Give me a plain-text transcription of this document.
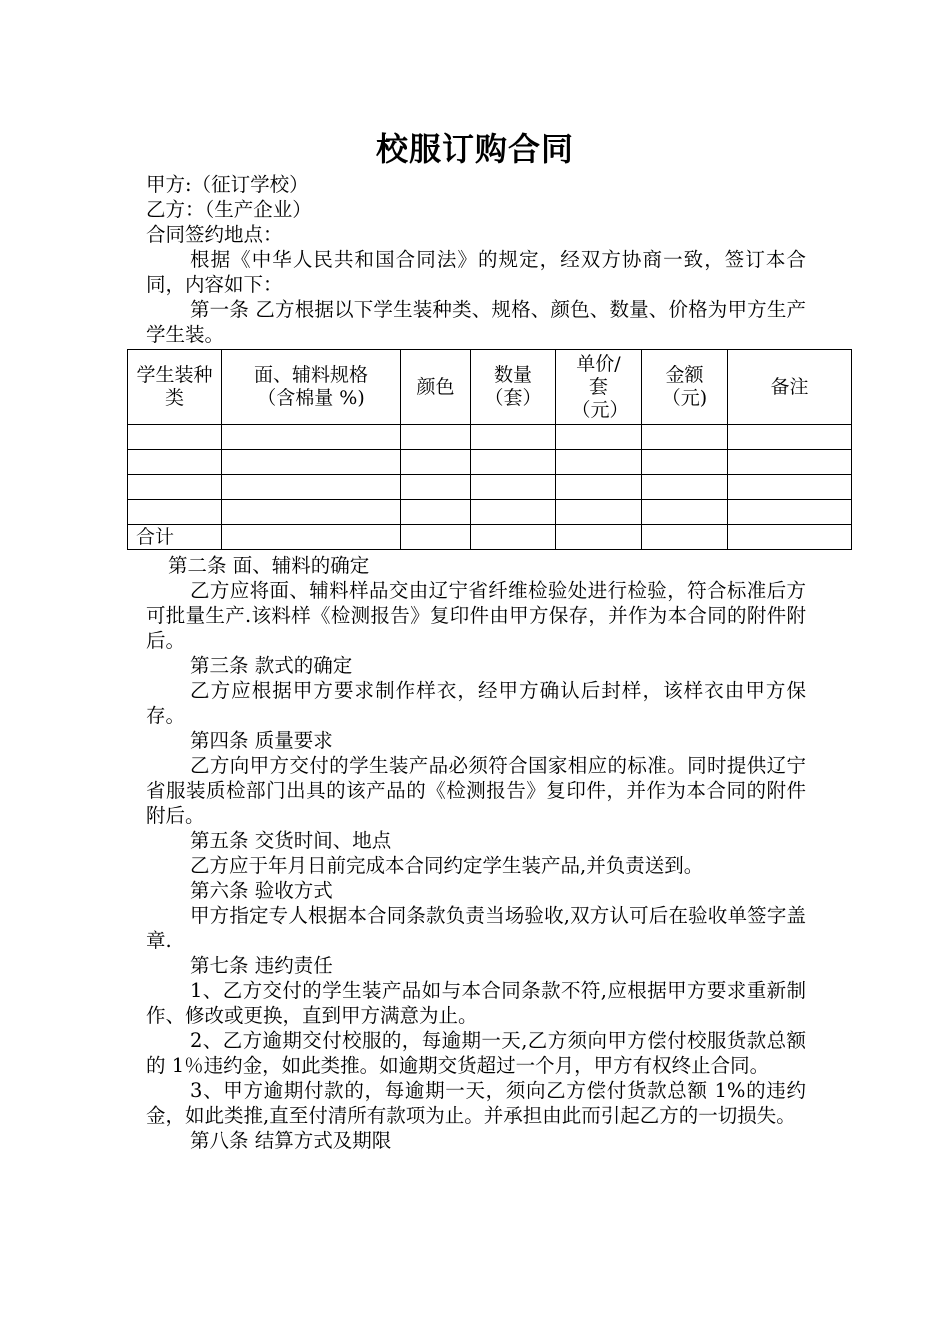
校服订购合同

甲方:（征订学校）

乙方：（生产企业）

合同签约地点：

根据《中华人民共和国合同法》的规定，经双方协商一致，签订本合同，内容如下：

第一条 乙方根据以下学生装种类、规格、颜色、数量、价格为甲方生产学生装。

学生装种类	面、辅料规格（含棉量 %)	颜色	数量（套）	单价/套（元）	金额（元)	备注

合计						

第二条 面、辅料的确定

乙方应将面、辅料样品交由辽宁省纤维检验处进行检验，符合标准后方可批量生产.该料样《检测报告》复印件由甲方保存，并作为本合同的附件附后。

第三条 款式的确定

乙方应根据甲方要求制作样衣，经甲方确认后封样，该样衣由甲方保存。

第四条 质量要求

乙方向甲方交付的学生装产品必须符合国家相应的标准。同时提供辽宁省服装质检部门出具的该产品的《检测报告》复印件，并作为本合同的附件附后。

第五条 交货时间、地点

乙方应于年月日前完成本合同约定学生装产品,并负责送到。

第六条 验收方式

甲方指定专人根据本合同条款负责当场验收,双方认可后在验收单签字盖章.

第七条 违约责任

1、乙方交付的学生装产品如与本合同条款不符,应根据甲方要求重新制作、修改或更换，直到甲方满意为止。

2、乙方逾期交付校服的，每逾期一天,乙方须向甲方偿付校服货款总额的 1％违约金，如此类推。如逾期交货超过一个月，甲方有权终止合同。

3、甲方逾期付款的，每逾期一天，须向乙方偿付货款总额 1%的违约金，如此类推,直至付清所有款项为止。并承担由此而引起乙方的一切损失。

第八条 结算方式及期限
